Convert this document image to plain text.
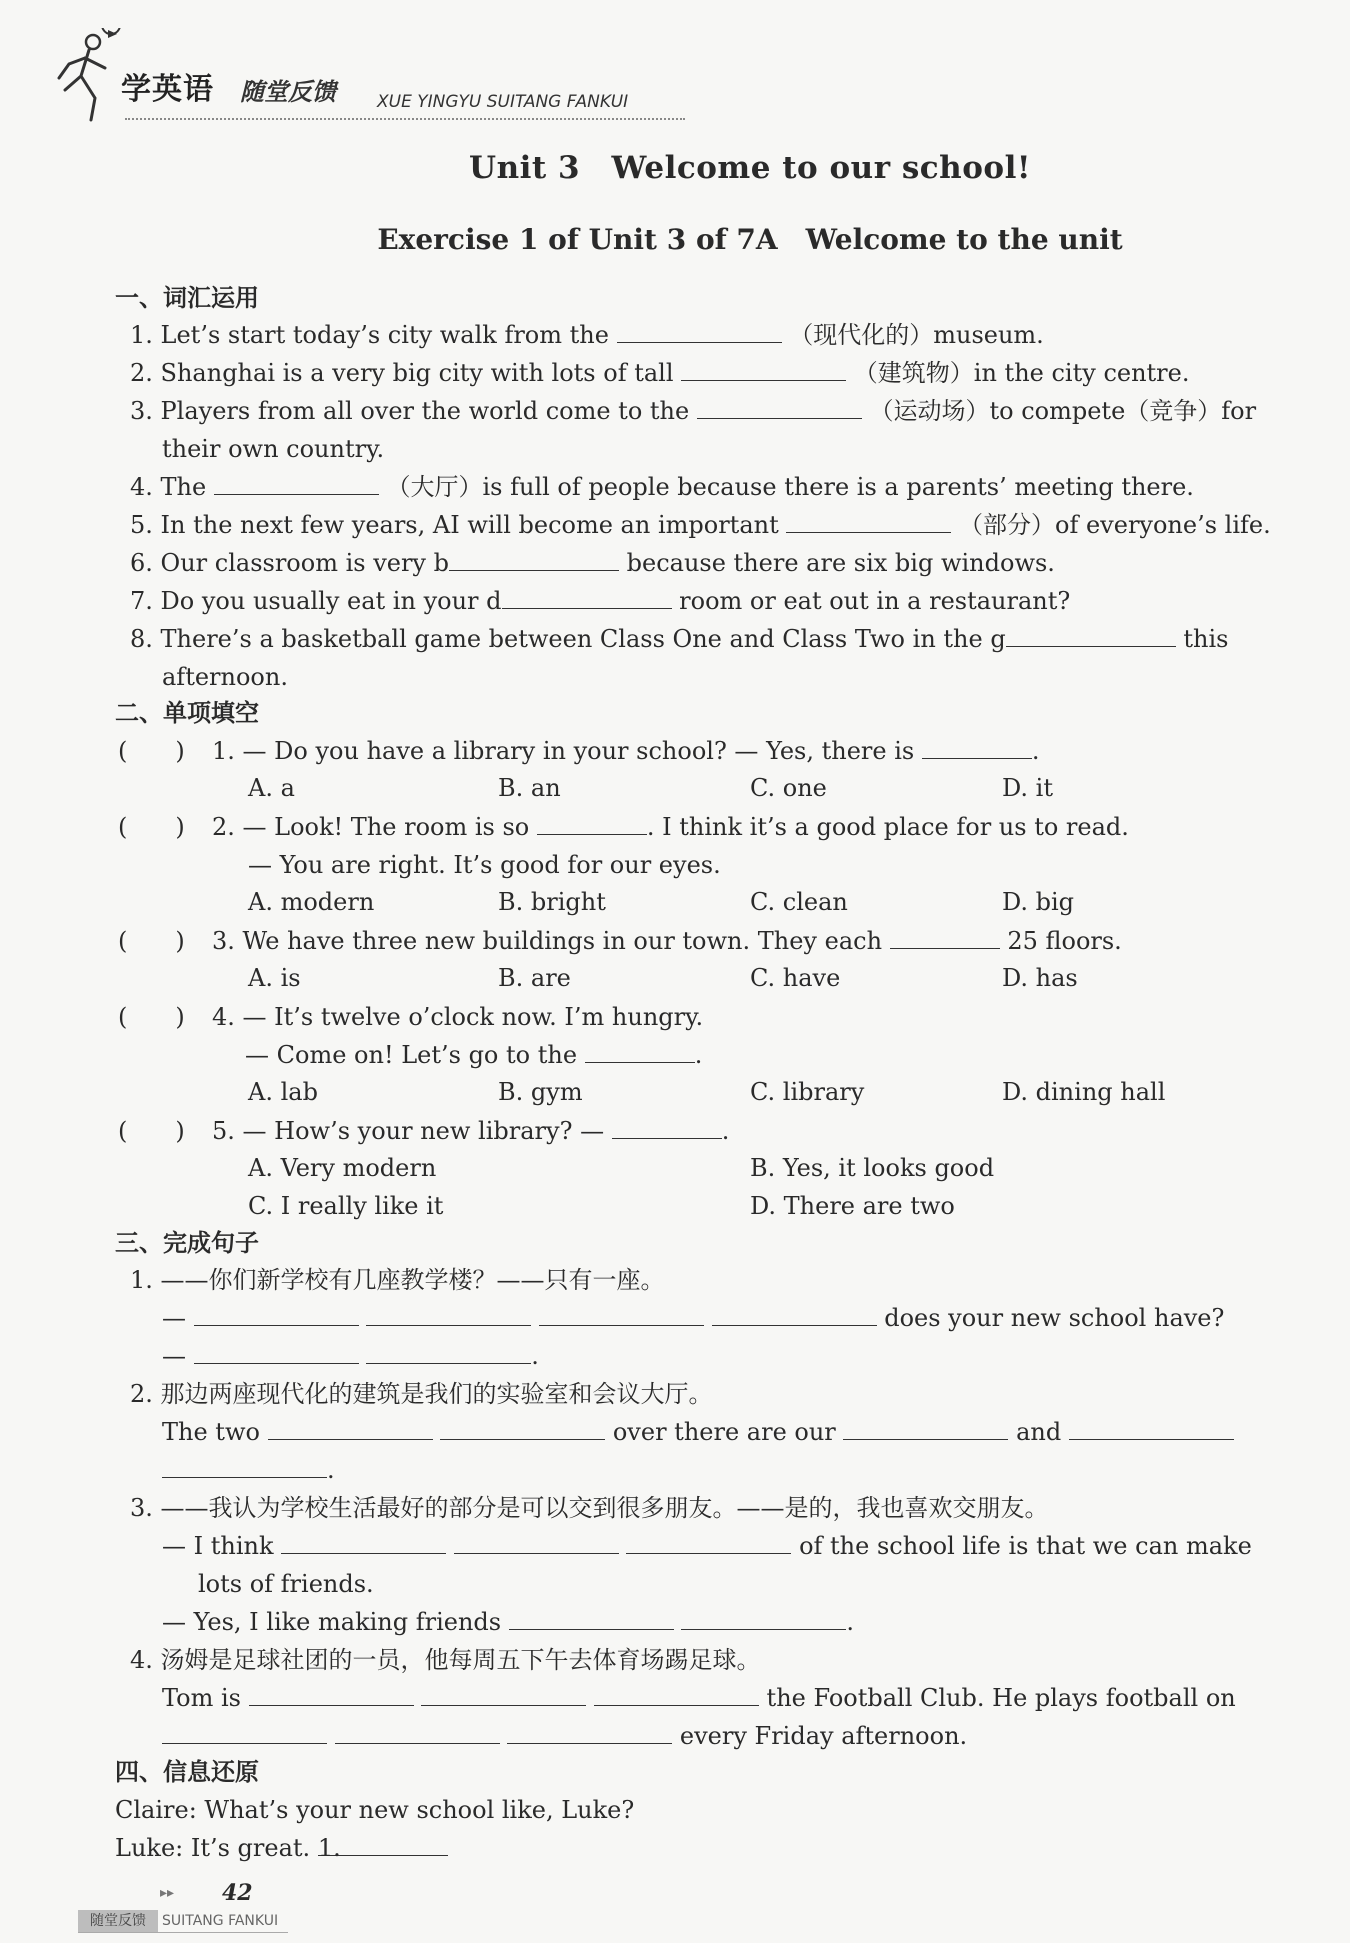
学英语 随堂反馈 XUE YINGYU SUITANG FANKUI
Unit 3　Welcome to our school!
Exercise 1 of Unit 3 of 7A　Welcome to the unit
一、词汇运用
1. Let’s start today’s city walk from the	（现代化的）museum.
2. Shanghai is a very big city with lots of tall	（建筑物）in the city centre.
3. Players from all over the world come to the	（运动场）to compete（竞争）for
their own country.
4. The	（大厅）is full of people because there is a parents’ meeting there.
5. In the next few years, AI will become an important	（部分）of everyone’s life.
6. Our classroom is very b	because there are six big windows.
7. Do you usually eat in your d	room or eat out in a restaurant?
8. There’s a basketball game between Class One and Class Two in the g	this
afternoon.
二、单项填空
(　　) 1. — Do you have a library in your school? — Yes, there is	.
A. a	B. an	C. one	D. it
(　　) 2. — Look! The room is so	. I think it’s a good place for us to read.
— You are right. It’s good for our eyes.
A. modern	B. bright	C. clean	D. big
(　　) 3. We have three new buildings in our town. They each	25 floors.
A. is	B. are	C. have	D. has
(　　) 4. — It’s twelve o’clock now. I’m hungry.
— Come on! Let’s go to the	.
A. lab	B. gym	C. library	D. dining hall
(　　) 5. — How’s your new library? —	.
A. Very modern	B. Yes, it looks good
C. I really like it	D. There are two
三、完成句子
1. ——你们新学校有几座教学楼？——只有一座。
—	does your new school have?
—	.
2. 那边两座现代化的建筑是我们的实验室和会议大厅。
The two	over there are our	and
.
3. ——我认为学校生活最好的部分是可以交到很多朋友。——是的，我也喜欢交朋友。
— I think	of the school life is that we can make
lots of friends.
— Yes, I like making friends	.
4. 汤姆是足球社团的一员，他每周五下午去体育场踢足球。
Tom is	the Football Club. He plays football on
every Friday afternoon.
四、信息还原
Claire: What’s your new school like, Luke?
Luke: It’s great. 1.
▸▸ 42
随堂反馈	SUITANG FANKUI
